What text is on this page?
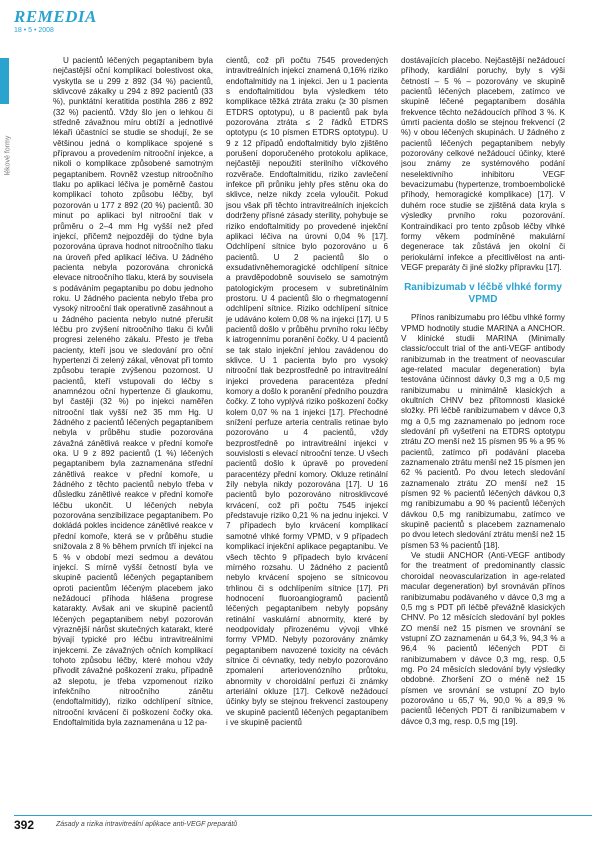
REMEDIA
18 • 5 • 2008
lékové formy

U pacientů léčených pegaptanibem byla nejčastější oční komplikací bolestivost oka, vyskytla se u 299 z 892 (34 %) pacientů, sklivcové zákalky u 294 z 892 pacientů (33 %), punktátní keratitida postihla 286 z 892 (32 %) pacientů. Vždy šlo jen o lehkou či středně závažnou míru obtíží a jednotlivé lékaři účastnící se studie se shodují, že se většinou jedná o komplikace spojené s přípravou a provedením nitrooční injekce, a nikoli o komplikace způsobené samotným pegaptanibem. Rovněž vzestup nitroočního tlaku po aplikaci léčiva je poměrně častou komplikací tohoto způsobu léčby, byl pozorován u 177 z 892 (20 %) pacientů. 30 minut po aplikaci byl nitrooční tlak v průměru o 2–4 mm Hg vyšší než před injekcí, přičemž nejpozději do týdne byla pozorována úprava hodnot nitroočního tlaku na úroveň před aplikací léčiva. U žádného pacienta nebyla pozorována chronická elevace nitroočního tlaku, která by souvisela s podáváním pegaptanibu po dobu jednoho roku. U žádného pacienta nebylo třeba pro vysoký nitrooční tlak operativně zasáhnout a u žádného pacienta nebylo nutné přerušit léčbu pro zvýšení nitroočního tlaku či kvůli progresi zeleného zákalu. Přesto je třeba pacienty, kteří jsou ve sledování pro oční hypertenzi či zelený zákal, věnovat při tomto způsobu terapie zvýšenou pozornost. U pacientů, kteří vstupovali do léčby s anamnézou oční hypertenze či glaukomu, byl častěji (32 %) po injekci naměřen nitrooční tlak vyšší než 35 mm Hg. U žádného z pacientů léčených pegaptanibem nebyla v průběhu studie pozorována závažná zánětlivá reakce v přední komoře oka. U 9 z 892 pacientů (1 %) léčených pegaptanibem byla zaznamenána střední zánětlivá reakce v přední komoře, u žádného z těchto pacientů nebylo třeba v důsledku zánětlivé reakce v přední komoře léčbu ukončit. U léčených nebyla pozorována senzibilizace pegaptanibem. Po dokládá pokles incidence zánětlivé reakce v přední komoře, která se v průběhu studie snižovala z 8 % během prvních tří injekcí na 5 % v období mezi sedmou a devátou injekcí. S mírně vyšší četností byla ve skupině pacientů léčených pegaptanibem oproti pacientům léčeným placebem jako nežádoucí příhoda hlášena progrese katarakty. Avšak ani ve skupině pacientů léčených pegaptanibem nebyl pozorován výraznější nárůst skutečných katarakt, které bývají typické pro léčbu intravitreálními injekcemi. Ze závažných očních komplikací tohoto způsobu léčby, které mohou vždy přivodit závažné poškození zraku, případně až slepotu, je třeba vzpomenout riziko infekčního nitroočního zánětu (endoftalmitidy), riziko odchlípení sítnice, nitrooční krvácení či poškození čočky oka. Endoftalmitida byla zaznamenána u 12 pa-

cientů, což při počtu 7545 provedených intravitreálních injekcí znamená 0,16% riziko endoftalmitidy na 1 injekci. Jen u 1 pacienta s endoftalmitidou byla výsledkem této komplikace těžká ztráta zraku (≥ 30 písmen ETDRS optotypu), u 8 pacientů pak byla pozorována ztráta ≤ 2 řádků ETDRS optotypu (≤ 10 písmen ETDRS optotypu). U 9 z 12 případů endoftalmitidy bylo zjištěno porušení doporučeného protokolu aplikace, nejčastěji nepoužití sterilního víčkového rozvěrače. Endoftalmitidu, riziko zavlečení infekce při průniku jehly přes stěnu oka do sklivce, nelze nikdy zcela vyloučit. Pokud jsou však při těchto intravitreálních injekcích dodrženy přísné zásady sterility, pohybuje se riziko endoftalmitidy po provedené injekční aplikaci léčiva na úrovni 0,04 % [17]. Odchlípení sítnice bylo pozorováno u 6 pacientů. U 2 pacientů šlo o exsudativněhemoragické odchlípení sítnice a pravděpodobně souviselo se samotným patologickým procesem v subretinálním prostoru. U 4 pacientů šlo o rhegmatogenní odchlípení sítnice. Riziko odchlípení sítnice je udáváno kolem 0,08 % na injekci [17]. U 5 pacientů došlo v průběhu prvního roku léčby k iatrogennímu poranění čočky. U 4 pacientů se tak stalo injekční jehlou zavádenou do sklivce. U 1 pacienta bylo pro vysoký nitrooční tlak bezprostředně po intravitreální injekci provedena paracentéza přední komory a došlo k poranění předního pouzdra čočky. Z toho vyplývá riziko poškození čočky kolem 0,07 % na 1 injekci [17]. Přechodné snížení perfuze arteria centralis retinae bylo pozorováno u 4 pacientů, vždy bezprostředně po intravitreální injekci v souvislosti s elevací nitrooční tenze. U všech pacientů došlo k úpravě po provedení paracentézy přední komory. Okluze retinální žíly nebyla nikdy pozorována [17]. U 16 pacientů bylo pozorováno nitrosklivcové krvácení, což při počtu 7545 injekcí představuje riziko 0,21 % na jednu injekci. V 7 případech bylo krvácení komplikací samotné vlhké formy VPMD, v 9 případech komplikací injekční aplikace pegaptanibu. Ve všech těchto 9 případech bylo krvácení mírného rozsahu. U žádného z pacientů nebylo krvácení spojeno se sítnicovou trhlinou či s odchlípením sítnice [17]. Při hodnocení fluoroangiogramů pacientů léčených pegaptanibem nebyly popsány retinální vaskulární abnormity, které by neodpovídaly přirozenému vývoji vlhké formy VPMD. Nebyly pozorovány známky pegaptanibem navozené toxicity na cévách sítnice či cévnatky, tedy nebylo pozorováno zpomalení arteriovenózního průtoku, abnormity v choroidální perfuzi či známky arteriální okluze [17]. Celkově nežádoucí účinky byly se stejnou frekvencí zastoupeny ve skupině pacientů léčených pegaptanibem i ve skupině pacientů

dostávajících placebo. Nejčastější nežádoucí příhody, kardiální poruchy, byly s výši četností – 5 % – pozorovány ve skupině pacientů léčených placebem, zatímco ve skupině léčené pegaptanibem dosáhla frekvence těchto nežádoucích příhod 3 %. K úmrtí pacienta došlo se stejnou frekvencí (2 %) v obou léčených skupinách. U žádného z pacientů léčených pegaptanibem nebyly pozorovány celkové nežádoucí účinky, které jsou známy ze systémového podání neselektivního inhibitoru VEGF bevacizumabu (hypertenze, tromboembolické příhody, hemoragické komplikace) [17]. V duhém roce studie se zjištěná data kryla s výsledky prvního roku pozorování. Kontraindikací pro tento způsob léčby vlhké formy věkem podmíněné makulární degenerace tak zůstává jen okolní či periokulární infekce a přecitlivělost na anti-VEGF preparáty či jiné složky přípravku [17].

Ranibizumab v léčbě vlhké formy VPMD

Přínos ranibizumabu pro léčbu vlhké formy VPMD hodnotily studie MARINA a ANCHOR. V klinické studii MARINA (Minimally classic/occult trial of the anti-VEGF antibody ranibizumab in the treatment of neovascular age-related macular degeneration) byla testována účinnost dávky 0,3 mg a 0,5 mg ranibizumabu u minimálně klasických a okultních CHNV bez přítomnosti klasické složky. Při léčbě ranibizumabem v dávce 0,3 mg a 0,5 mg zaznamenalo po jednom roce sledování při vyšetření na ETDRS optotypu ztrátu ZO menší než 15 písmen 95 % a 95 % pacientů, zatímco při podávání placeba zaznamenalo ztrátu menší než 15 písmen jen 62 % pacientů. Po dvou letech sledování zaznamenalo ztrátu ZO menší než 15 písmen 92 % pacientů léčených dávkou 0,3 mg ranibizumabu a 90 % pacientů léčených dávkou 0,5 mg ranibizumabu, zatímco ve skupině pacientů s placebem zaznamenalo po dvou letech sledování ztrátu menší než 15 písmen 53 % pacientů [18].

Ve studii ANCHOR (Anti-VEGF antibody for the treatment of predominantly classic choroidal neovascularization in age-related macular degeneration) byl srovnáván přínos ranibizumabu podávaného v dávce 0,3 mg a 0,5 mg s PDT při léčbě převážně klasických CHNV. Po 12 měsících sledování byl pokles ZO menší než 15 písmen ve srovnání se vstupní ZO zaznamenán u 64,3 %, 94,3 % a 96,4 % pacientů léčených PDT či ranibizumabem v dávce 0,3 mg, resp. 0,5 mg. Po 24 měsících sledování byly výsledky obdobné. Zhoršení ZO o méně než 15 písmen ve srovnání se vstupní ZO bylo pozorováno u 65,7 %, 90,0 % a 89,9 % pacientů léčených PDT či ranibizumabem v dávce 0,3 mg, resp. 0,5 mg [19].

392	Zásady a rizika intravitreální aplikace anti-VEGF preparátů
